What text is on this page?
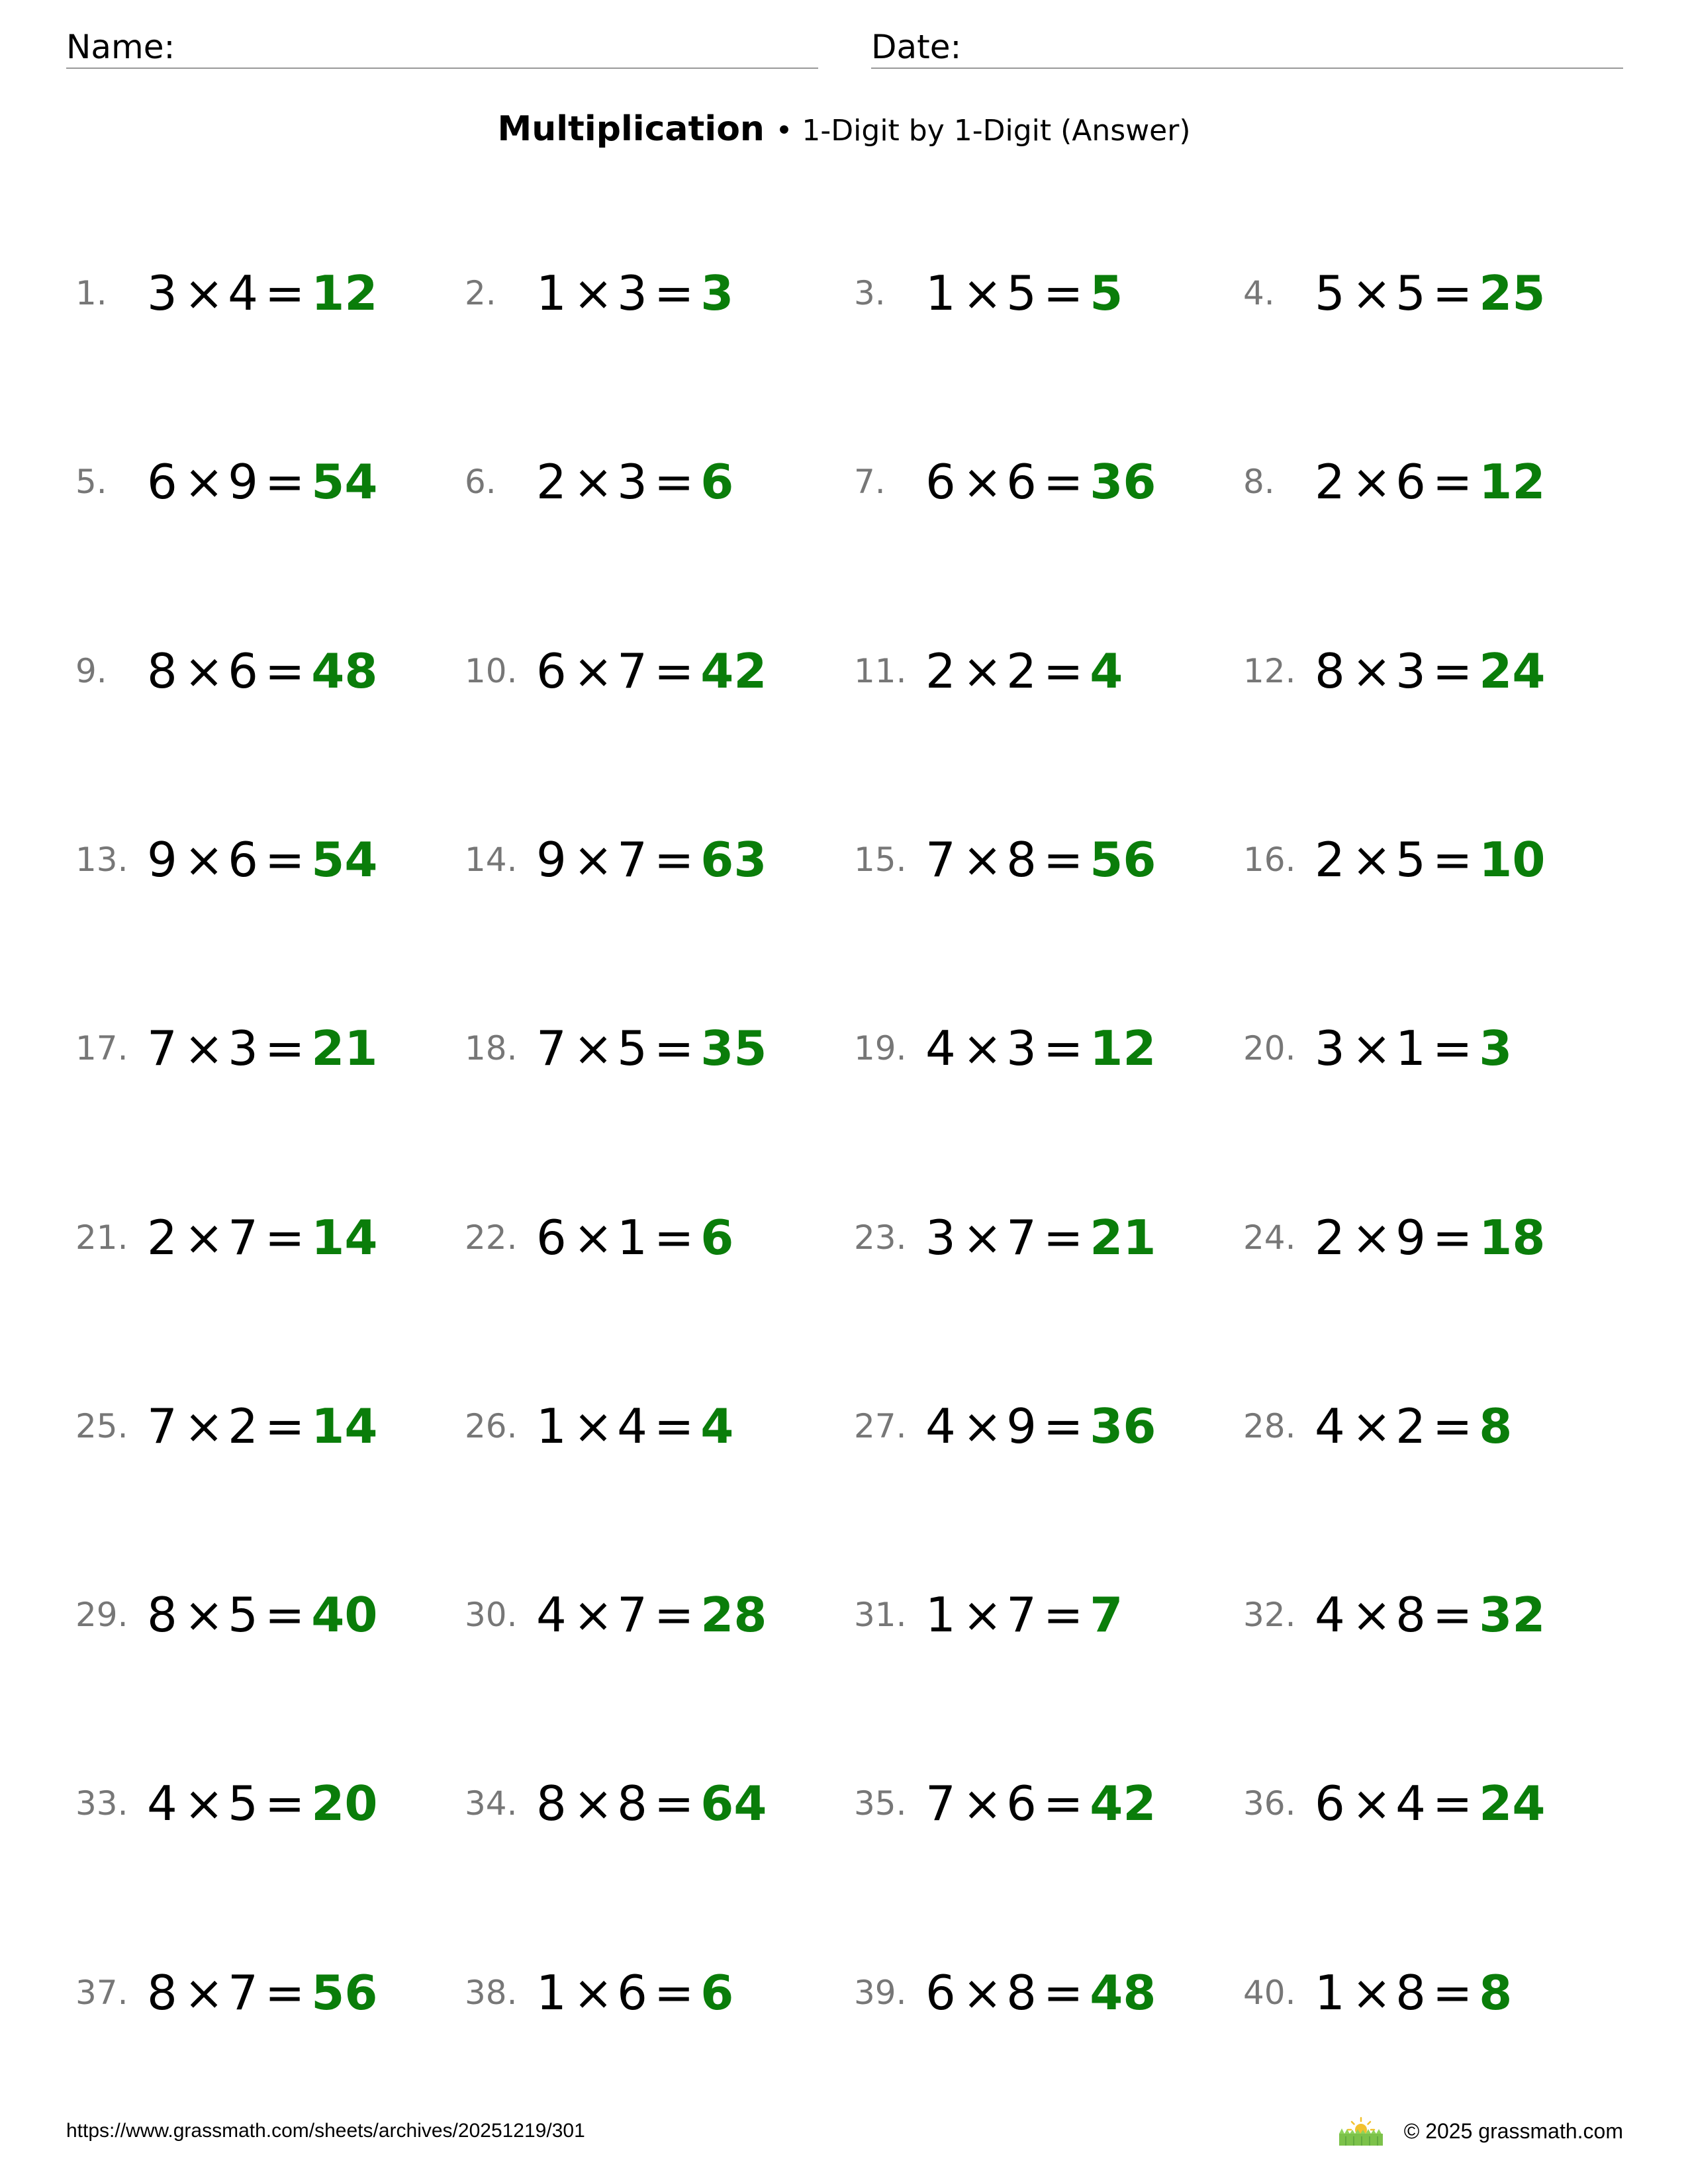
Name:	Date:
Multiplication • 1-Digit by 1-Digit (Answer)
1. 3 ×4 = 12	2. 1 ×3 = 3	3. 1 ×5 = 5	4. 5 ×5 = 25
5. 6 ×9 = 54	6. 2 ×3 = 6	7. 6 ×6 = 36	8. 2 ×6 = 12
9. 8 ×6 = 48	10. 6 ×7 = 42	11. 2 ×2 = 4	12. 8 ×3 = 24
13. 9 ×6 = 54	14. 9 ×7 = 63	15. 7 ×8 = 56	16. 2 ×5 = 10
17. 7 ×3 = 21	18. 7 ×5 = 35	19. 4 ×3 = 12	20. 3 ×1 = 3
21. 2 ×7 = 14	22. 6 ×1 = 6	23. 3 ×7 = 21	24. 2 ×9 = 18
25. 7 ×2 = 14	26. 1 ×4 = 4	27. 4 ×9 = 36	28. 4 ×2 = 8
29. 8 ×5 = 40	30. 4 ×7 = 28	31. 1 ×7 = 7	32. 4 ×8 = 32
33. 4 ×5 = 20	34. 8 ×8 = 64	35. 7 ×6 = 42	36. 6 ×4 = 24
37. 8 ×7 = 56	38. 1 ×6 = 6	39. 6 ×8 = 48	40. 1 ×8 = 8
https://www.grassmath.com/sheets/archives/20251219/301	© 2025 grassmath.com
